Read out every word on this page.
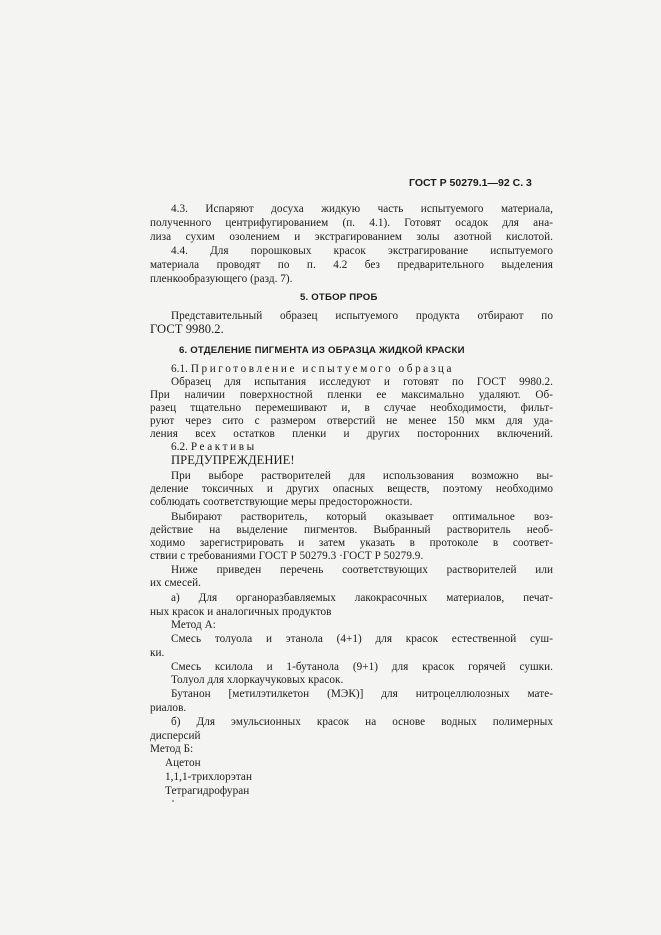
ГОСТ Р 50279.1—92 С. 3
4.3. Испаряют досуха жидкую часть испытуемого материала,
полученного центрифугированием (п. 4.1). Готовят осадок для ана-
лиза сухим озолением и экстрагированием золы азотной кислотой.
4.4. Для порошковых красок экстрагирование испытуемого
материала проводят по п. 4.2 без предварительного выделения
пленкообразующего (разд. 7).
5. ОТБОР ПРОБ
Представительный образец испытуемого продукта отбирают по
ГОСТ 9980.2.
6. ОТДЕЛЕНИЕ ПИГМЕНТА ИЗ ОБРАЗЦА ЖИДКОЙ КРАСКИ
6.1. Приготовление испытуемого образца
Образец для испытания исследуют и готовят по ГОСТ 9980.2.
При наличии поверхностной пленки ее максимально удаляют. Об-
разец тщательно перемешивают и, в случае необходимости, фильт-
руют через сито с размером отверстий не менее 150 мкм для уда-
ления всех остатков пленки и других посторонних включений.
6.2. Реактивы
ПРЕДУПРЕЖДЕНИЕ!
При выборе растворителей для использования возможно вы-
деление токсичных и других опасных веществ, поэтому необходимо
соблюдать соответствующие меры предосторожности.
Выбирают растворитель, который оказывает оптимальное воз-
действие на выделение пигментов. Выбранный растворитель необ-
ходимо зарегистрировать и затем указать в протоколе в соответ-
ствии с требованиями ГОСТ Р 50279.3 ·ГОСТ Р 50279.9.
Ниже приведен перечень соответствующих растворителей или
их смесей.
а) Для органоразбавляемых лакокрасочных материалов, печат-
ных красок и аналогичных продуктов
Метод А:
Смесь толуола и этанола (4+1) для красок естественной суш-
ки.
Смесь ксилола и 1-бутанола (9+1) для красок горячей сушки.
Толуол для хлоркаучуковых красок.
Бутанон [метилэтилкетон (МЭК)] для нитроцеллюлозных мате-
риалов.
б) Для эмульсионных красок на основе водных полимерных
дисперсий
Метод Б:
Ацетон
1,1,1-трихлорэтан
Тетрагидрофуран
